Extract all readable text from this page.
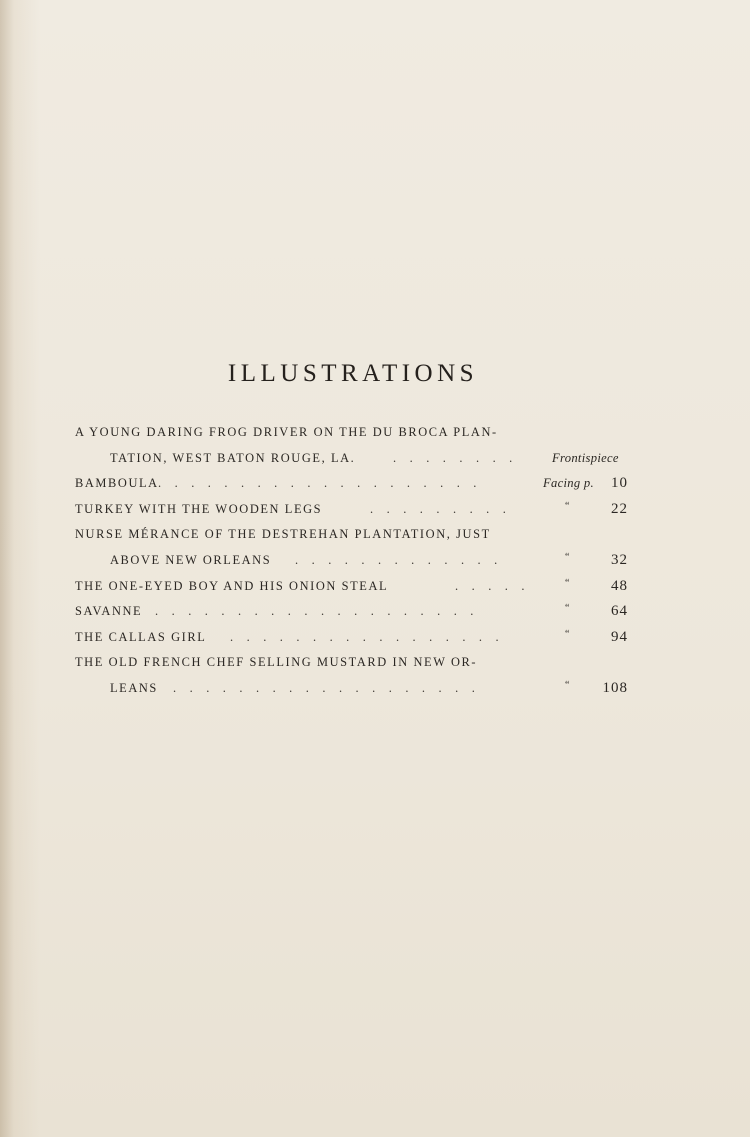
ILLUSTRATIONS
A YOUNG DARING FROG DRIVER ON THE DU BROCA PLAN-
TATION, WEST BATON ROUGE, LA.	. . . . . . . .	Frontispiece
BAMBOULA . . . . . . . . . . . . . . . . . . . .	Facing p. 10
TURKEY WITH THE WOODEN LEGS	. . . . . . . . .	“	22
NURSE MÉRANCE OF THE DESTREHAN PLANTATION, JUST
ABOVE NEW ORLEANS . . . . . . . . . . . . .	“	32
THE ONE-EYED BOY AND HIS ONION STEAL	. . . . .	“	48
SAVANNE . . . . . . . . . . . . . . . . . . . .	“	64
THE CALLAS GIRL . . . . . . . . . . . . . . . . .	“	94
THE OLD FRENCH CHEF SELLING MUSTARD IN NEW OR-
LEANS . . . . . . . . . . . . . . . . . . .	“ 108
